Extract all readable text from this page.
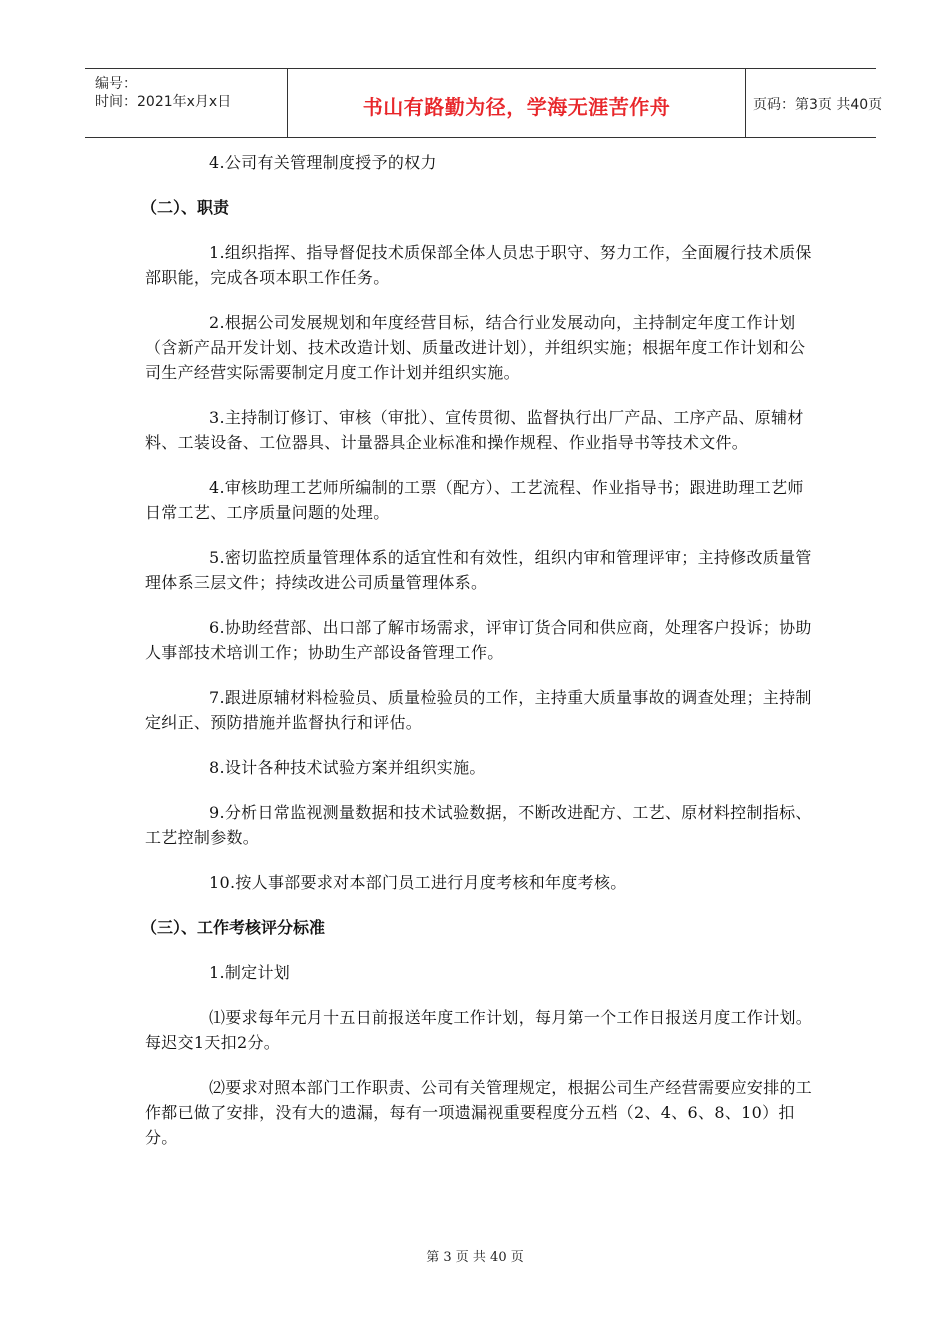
编号：
时间：2021年x月x日	书山有路勤为径，学海无涯苦作舟	页码：第3页 共40页
4.公司有关管理制度授予的权力
（二）、职责
1.组织指挥、指导督促技术质保部全体人员忠于职守、努力工作，全面履行技术质保部职能，完成各项本职工作任务。
2.根据公司发展规划和年度经营目标，结合行业发展动向，主持制定年度工作计划（含新产品开发计划、技术改造计划、质量改进计划），并组织实施；根据年度工作计划和公司生产经营实际需要制定月度工作计划并组织实施。
3.主持制订修订、审核（审批）、宣传贯彻、监督执行出厂产品、工序产品、原辅材料、工装设备、工位器具、计量器具企业标准和操作规程、作业指导书等技术文件。
4.审核助理工艺师所编制的工票（配方）、工艺流程、作业指导书；跟进助理工艺师日常工艺、工序质量问题的处理。
5.密切监控质量管理体系的适宜性和有效性，组织内审和管理评审；主持修改质量管理体系三层文件；持续改进公司质量管理体系。
6.协助经营部、出口部了解市场需求，评审订货合同和供应商，处理客户投诉；协助人事部技术培训工作；协助生产部设备管理工作。
7.跟进原辅材料检验员、质量检验员的工作，主持重大质量事故的调查处理；主持制定纠正、预防措施并监督执行和评估。
8.设计各种技术试验方案并组织实施。
9.分析日常监视测量数据和技术试验数据，不断改进配方、工艺、原材料控制指标、工艺控制参数。
10.按人事部要求对本部门员工进行月度考核和年度考核。
（三）、工作考核评分标准
1.制定计划
⑴要求每年元月十五日前报送年度工作计划，每月第一个工作日报送月度工作计划。每迟交1天扣2分。
⑵要求对照本部门工作职责、公司有关管理规定，根据公司生产经营需要应安排的工作都已做了安排，没有大的遗漏，每有一项遗漏视重要程度分五档（2、4、6、8、10）扣分。
第 3 页 共 40 页
